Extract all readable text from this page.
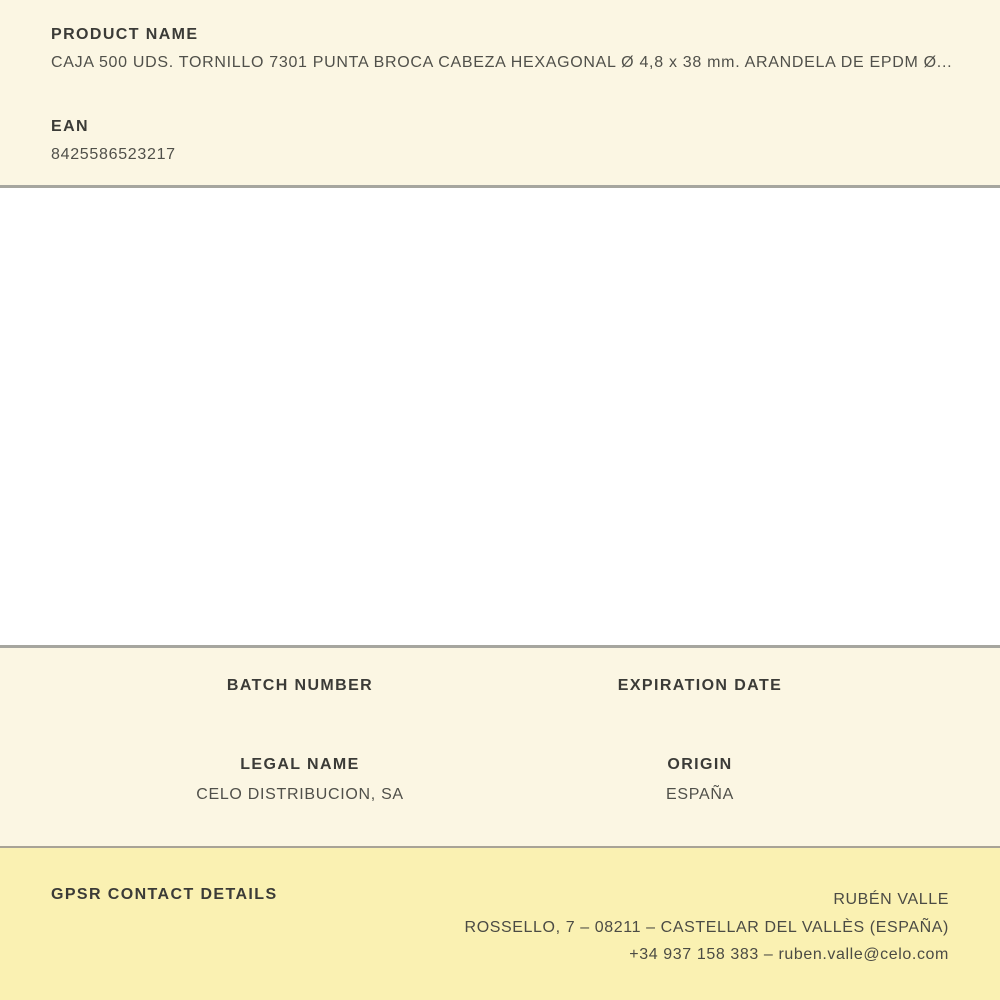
PRODUCT NAME
CAJA 500 UDS. TORNILLO 7301 PUNTA BROCA CABEZA HEXAGONAL Ø 4,8 x 38 mm. ARANDELA DE EPDM Ø...
EAN
8425586523217
BATCH NUMBER	EXPIRATION DATE
LEGAL NAME
CELO DISTRIBUCION, SA
ORIGIN
ESPAÑA
GPSR CONTACT DETAILS	RUBÉN VALLE
ROSSELLO, 7 – 08211 – CASTELLAR DEL VALLÈS (ESPAÑA)
+34 937 158 383 – ruben.valle@celo.com
